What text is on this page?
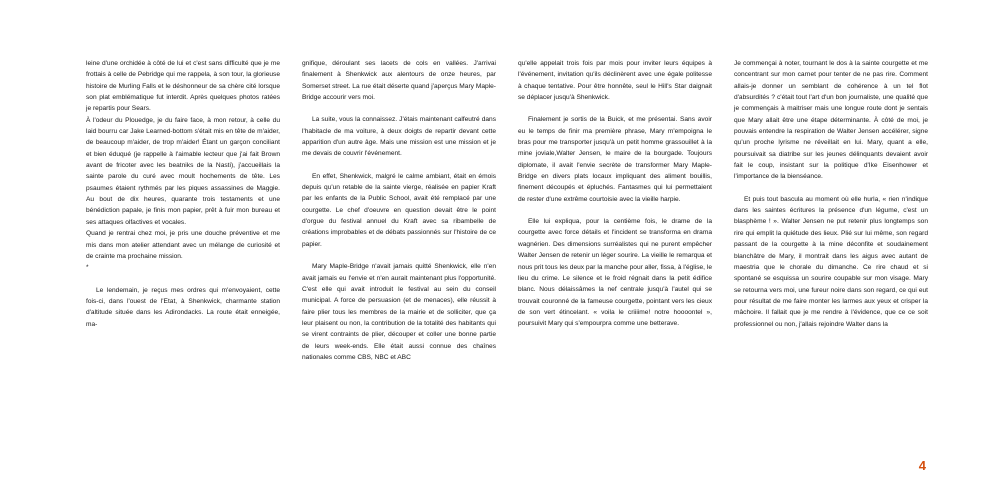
leine d'une orchidée à côté de lui et c'est sans difficulté que je me frottais à celle de Pebridge qui me rappela, à son tour, la glorieuse histoire de Murling Falls et le déshonneur de sa chère cité lorsque son plat emblématique fut interdit. Après quelques photos ratées je repartis pour Sears.

À l'odeur du Plouedge, je du faire face, à mon retour, à celle du laid bourru car Jake Learned-bottom s'était mis en tête de m'aider, de beaucoup m'aider, de trop m'aider! Étant un garçon conciliant et bien éduqué (je rappelle à l'aimable lecteur que j'ai fait Brown avant de fricoter avec les beatniks de la Nasti), j'accueillais la sainte parole du curé avec moult hochements de tête. Les psaumes étaient rythmés par les piques assassines de Maggie. Au bout de dix heures, quarante trois testaments et une bénédiction papale, je finis mon papier, prêt à fuir mon bureau et ses attaques olfactives et vocales.

Quand je rentrai chez moi, je pris une douche préventive et me mis dans mon atelier attendant avec un mélange de curiosité et de crainte ma prochaine mission.

*

Le lendemain, je reçus mes ordres qui m'envoyaient, cette fois-ci, dans l'ouest de l'Etat, à Shenkwick, charmante station d'altitude située dans les Adirondacks. La route était enneigée, ma-

gnifique, déroulant ses lacets de cols en vallées. J'arrivai finalement à Shenkwick aux alentours de onze heures, par Somerset street. La rue était déserte quand j'aperçus Mary Maple-Bridge accourir vers moi.

La suite, vous la connaissez. J'étais maintenant calfeutré dans l'habitacle de ma voiture, à deux doigts de repartir devant cette apparition d'un autre âge. Mais une mission est une mission et je me devais de couvrir l'événement.

En effet, Shenkwick, malgré le calme ambiant, était en émois depuis qu'un retable de la sainte vierge, réalisée en papier Kraft par les enfants de la Public School, avait été remplacé par une courgette. Le chef d'oeuvre en question devait être le point d'orgue du festival annuel du Kraft avec sa ribambelle de créations improbables et de débats passionnés sur l'histoire de ce papier.

Mary Maple-Bridge n'avait jamais quitté Shenkwick, elle n'en avait jamais eu l'envie et n'en aurait maintenant plus l'opportunité. C'est elle qui avait introduit le festival au sein du conseil municipal. A force de persuasion (et de menaces), elle réussit à faire plier tous les membres de la mairie et de solliciter, que ça leur plaisent ou non, la contribution de la totalité des habitants qui se virent contraints de plier, découper et coller une bonne partie de leurs week-ends. Elle était aussi connue des chaînes nationales comme CBS, NBC et ABC

qu'elle appelait trois fois par mois pour inviter leurs équipes à l'événement, invitation qu'ils déclinèrent avec une égale politesse à chaque tentative. Pour être honnête, seul le Hill's Star daignait se déplacer jusqu'à Shenkwick.

Finalement je sortis de la Buick, et me présentai. Sans avoir eu le temps de finir ma première phrase, Mary m'empoigna le bras pour me transporter jusqu'à un petit homme grassouillet à la mine joviale,Walter Jensen, le maire de la bourgade. Toujours diplomate, il avait l'envie secrète de transformer Mary Maple-Bridge en divers plats locaux impliquant des aliment bouillis, finement découpés et épluchés. Fantasmes qui lui permettaient de rester d'une extrême courtoisie avec la vieille harpie.

Elle lui expliqua, pour la centième fois, le drame de la courgette avec force détails et l'incident se transforma en drama wagnérien. Des dimensions surréalistes qui ne purent empêcher Walter Jensen de retenir un léger sourire. La vieille le remarqua et nous prit tous les deux par la manche pour aller, fissa, à l'église, le lieu du crime. Le silence et le froid régnait dans la petit édifice blanc. Nous délaissâmes la nef centrale jusqu'à l'autel qui se trouvait couronné de la fameuse courgette, pointant vers les cieux de son vert étincelant. « voila le criiiime! notre hoooontel », poursuivit Mary qui s'empourpra comme une betterave.

Je commençai à noter, tournant le dos à la sainte courgette et me concentrant sur mon carnet pour tenter de ne pas rire. Comment allais-je donner un semblant de cohérence à un tel flot d'absurdités ? c'était tout l'art d'un bon journaliste, une qualité que je commençais à maitriser mais une longue route dont je sentais que Mary allait être une étape déterminante. À côté de moi, je pouvais entendre la respiration de Walter Jensen accélérer, signe qu'un proche lyrisme ne réveillait en lui. Mary, quant a elle, poursuivait sa diatribe sur les jeunes délinquants devaient avoir fait le coup, insistant sur la politique d'Ike Eisenhower et l'importance de la bienséance.

Et puis tout bascula au moment où elle hurla, « rien n'indique dans les saintes écritures la présence d'un légume, c'est un blasphème ! ». Walter Jensen ne put retenir plus longtemps son rire qui emplit la quiétude des lieux. Plié sur lui même, son regard passant de la courgette à la mine déconfite et soudainement blanchâtre de Mary, il montrait dans les aigus avec autant de maestria que le chorale du dimanche. Ce rire chaud et si spontané se esquissa un sourire coupable sur mon visage. Mary se retourna vers moi, une fureur noire dans son regard, ce qui eut pour résultat de me faire monter les larmes aux yeux et crisper la mâchoire. Il fallait que je me rendre à l'évidence, que ce ce soit professionnel ou non, j'allais rejoindre Walter dans la

4
